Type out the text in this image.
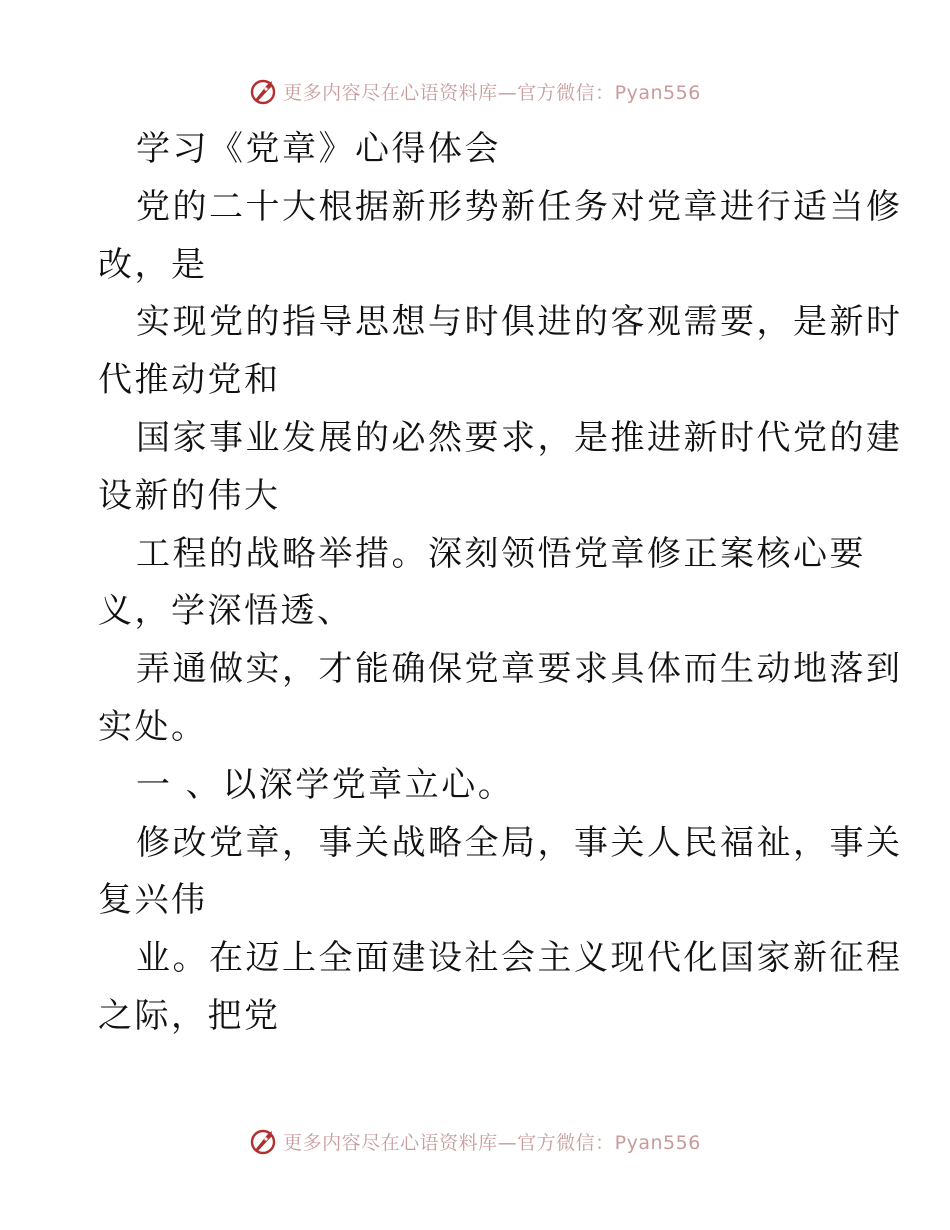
更多内容尽在心语资料库—官方微信：Pyan556
学习《党章》心得体会
党的二十大根据新形势新任务对党章进行适当修
改，是
实现党的指导思想与时俱进的客观需要，是新时
代推动党和
国家事业发展的必然要求，是推进新时代党的建
设新的伟大
工程的战略举措。深刻领悟党章修正案核心要
义，学深悟透、
弄通做实，才能确保党章要求具体而生动地落到
实处。
一 、以深学党章立心。
修改党章，事关战略全局，事关人民福祉，事关
复兴伟
业。在迈上全面建设社会主义现代化国家新征程
之际，把党
更多内容尽在心语资料库—官方微信：Pyan556
